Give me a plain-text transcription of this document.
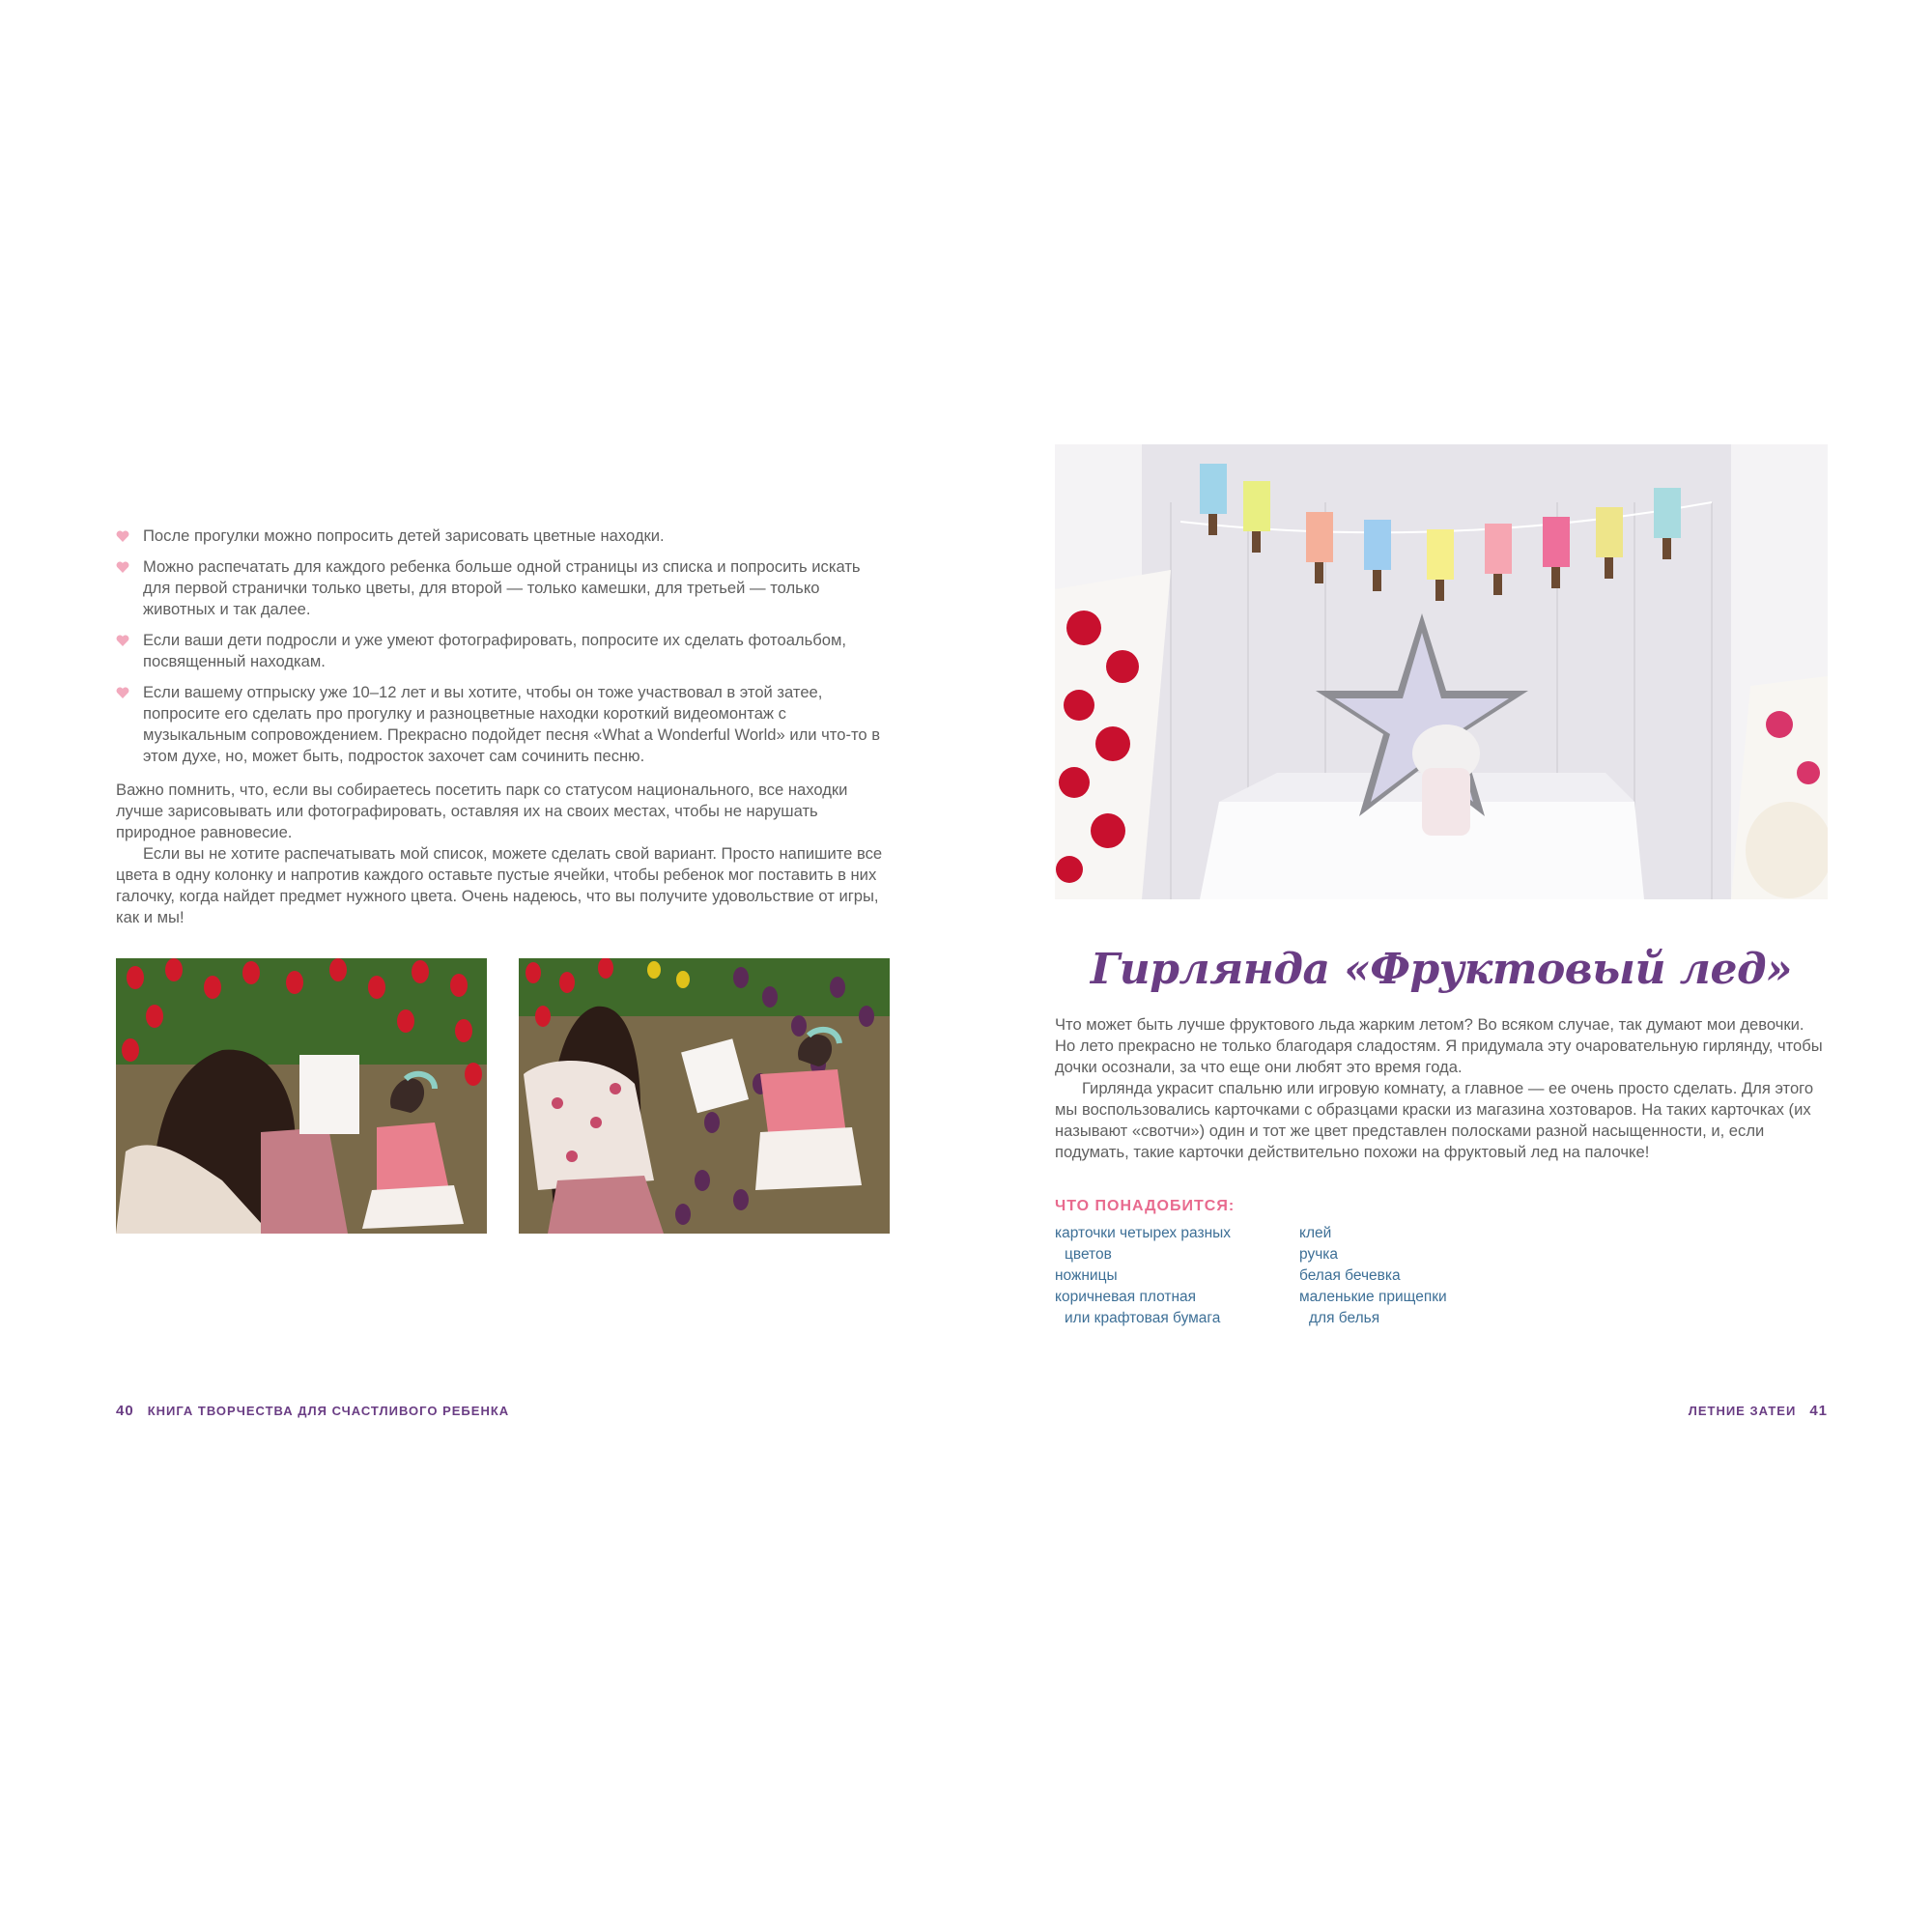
После прогулки можно попросить детей зарисовать цветные находки.

Можно распечатать для каждого ребенка больше одной страницы из списка и попросить искать для первой странички только цветы, для второй — только камешки, для третьей — только животных и так далее.

Если ваши дети подросли и уже умеют фотографировать, попросите их сделать фотоальбом, посвященный находкам.

Если вашему отпрыску уже 10–12 лет и вы хотите, чтобы он тоже участвовал в этой затее, попросите его сделать про прогулку и разноцветные находки короткий видеомонтаж с музыкальным сопровождением. Прекрасно подойдет песня «What a Wonderful World» или что-то в этом духе, но, может быть, подросток захочет сам сочинить песню.

Важно помнить, что, если вы собираетесь посетить парк со статусом национального, все находки лучше зарисовывать или фотографировать, оставляя их на своих местах, чтобы не нарушать природное равновесие.

Если вы не хотите распечатывать мой список, можете сделать свой вариант. Просто напишите все цвета в одну колонку и напротив каждого оставьте пустые ячейки, чтобы ребенок мог поставить в них галочку, когда найдет предмет нужного цвета. Очень надеюсь, что вы получите удовольствие от игры, как и мы!

Гирлянда «Фруктовый лед»

Что может быть лучше фруктового льда жарким летом? Во всяком случае, так думают мои девочки. Но лето прекрасно не только благодаря сладостям. Я придумала эту очаровательную гирлянду, чтобы дочки осознали, за что еще они любят это время года.

Гирлянда украсит спальню или игровую комнату, а главное — ее очень просто сделать. Для этого мы воспользовались карточками с образцами краски из магазина хозтоваров. На таких карточках (их называют «свотчи») один и тот же цвет представлен полосками разной насыщенности, и, если подумать, такие карточки действительно похожи на фруктовый лед на палочке!

ЧТО ПОНАДОБИТСЯ:
карточки четырех разных
цветов
ножницы
коричневая плотная
или крафтовая бумага
клей
ручка
белая бечевка
маленькие прищепки
для белья
40 КНИГА ТВОРЧЕСТВА ДЛЯ СЧАСТЛИВОГО РЕБЕНКА	ЛЕТНИЕ ЗАТЕИ 41
